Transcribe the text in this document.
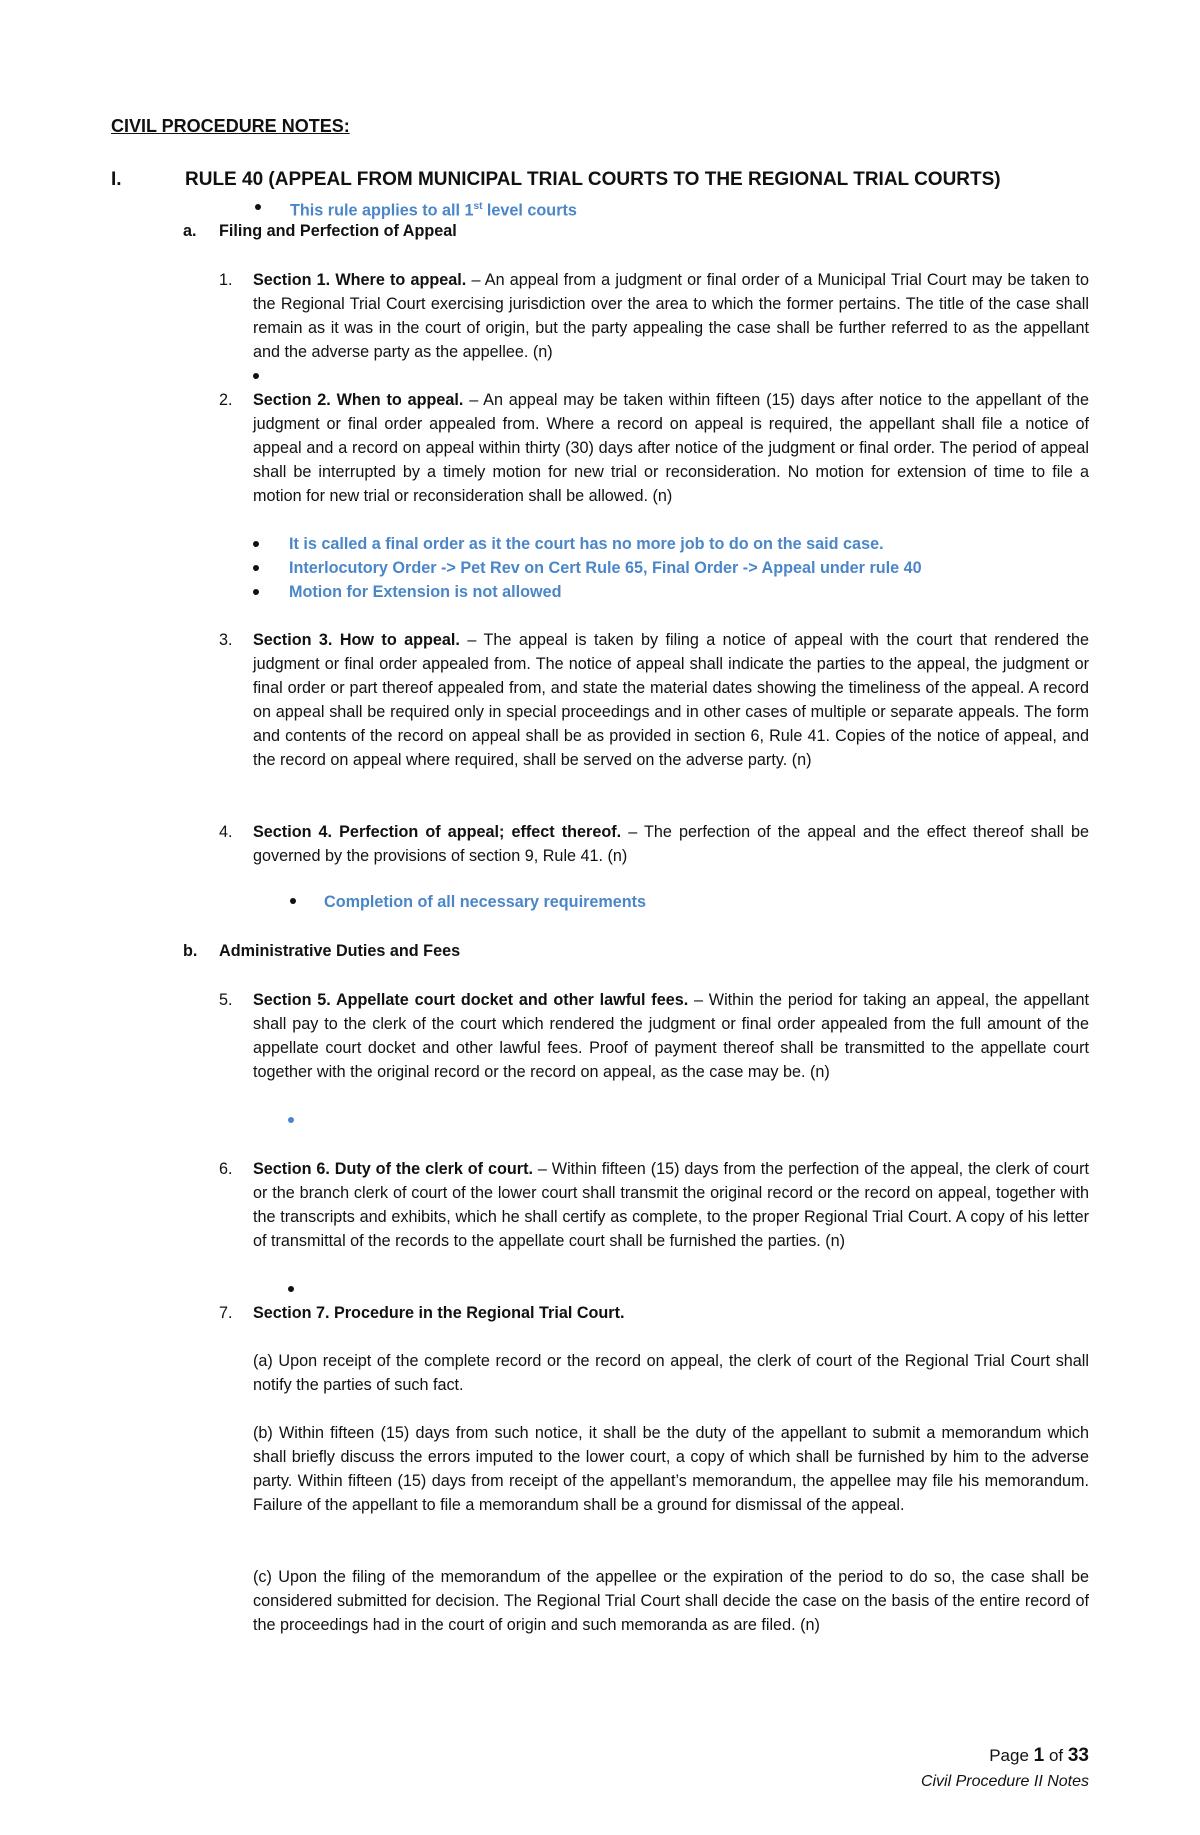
CIVIL PROCEDURE NOTES:
I.	RULE 40 (APPEAL FROM MUNICIPAL TRIAL COURTS TO THE REGIONAL TRIAL COURTS)
This rule applies to all 1st level courts
a. Filing and Perfection of Appeal
1. Section 1. Where to appeal. – An appeal from a judgment or final order of a Municipal Trial Court may be taken to the Regional Trial Court exercising jurisdiction over the area to which the former pertains. The title of the case shall remain as it was in the court of origin, but the party appealing the case shall be further referred to as the appellant and the adverse party as the appellee. (n)

2. Section 2. When to appeal. – An appeal may be taken within fifteen (15) days after notice to the appellant of the judgment or final order appealed from. Where a record on appeal is required, the appellant shall file a notice of appeal and a record on appeal within thirty (30) days after notice of the judgment or final order. The period of appeal shall be interrupted by a timely motion for new trial or reconsideration. No motion for extension of time to file a motion for new trial or reconsideration shall be allowed. (n)

It is called a final order as it the court has no more job to do on the said case.
Interlocutory Order -> Pet Rev on Cert Rule 65, Final Order -> Appeal under rule 40
Motion for Extension is not allowed
3. Section 3. How to appeal. – The appeal is taken by filing a notice of appeal with the court that rendered the judgment or final order appealed from. The notice of appeal shall indicate the parties to the appeal, the judgment or final order or part thereof appealed from, and state the material dates showing the timeliness of the appeal. A record on appeal shall be required only in special proceedings and in other cases of multiple or separate appeals. The form and contents of the record on appeal shall be as provided in section 6, Rule 41. Copies of the notice of appeal, and the record on appeal where required, shall be served on the adverse party. (n)

4. Section 4. Perfection of appeal; effect thereof. – The perfection of the appeal and the effect thereof shall be governed by the provisions of section 9, Rule 41. (n)

Completion of all necessary requirements
b. Administrative Duties and Fees
5. Section 5. Appellate court docket and other lawful fees. – Within the period for taking an appeal, the appellant shall pay to the clerk of the court which rendered the judgment or final order appealed from the full amount of the appellate court docket and other lawful fees. Proof of payment thereof shall be transmitted to the appellate court together with the original record or the record on appeal, as the case may be. (n)

6. Section 6. Duty of the clerk of court. – Within fifteen (15) days from the perfection of the appeal, the clerk of court or the branch clerk of court of the lower court shall transmit the original record or the record on appeal, together with the transcripts and exhibits, which he shall certify as complete, to the proper Regional Trial Court. A copy of his letter of transmittal of the records to the appellate court shall be furnished the parties. (n)

7. Section 7. Procedure in the Regional Trial Court.

(a) Upon receipt of the complete record or the record on appeal, the clerk of court of the Regional Trial Court shall notify the parties of such fact.

(b) Within fifteen (15) days from such notice, it shall be the duty of the appellant to submit a memorandum which shall briefly discuss the errors imputed to the lower court, a copy of which shall be furnished by him to the adverse party. Within fifteen (15) days from receipt of the appellant’s memorandum, the appellee may file his memorandum. Failure of the appellant to file a memorandum shall be a ground for dismissal of the appeal.

(c) Upon the filing of the memorandum of the appellee or the expiration of the period to do so, the case shall be considered submitted for decision. The Regional Trial Court shall decide the case on the basis of the entire record of the proceedings had in the court of origin and such memoranda as are filed. (n)

Page 1 of 33
Civil Procedure II Notes
